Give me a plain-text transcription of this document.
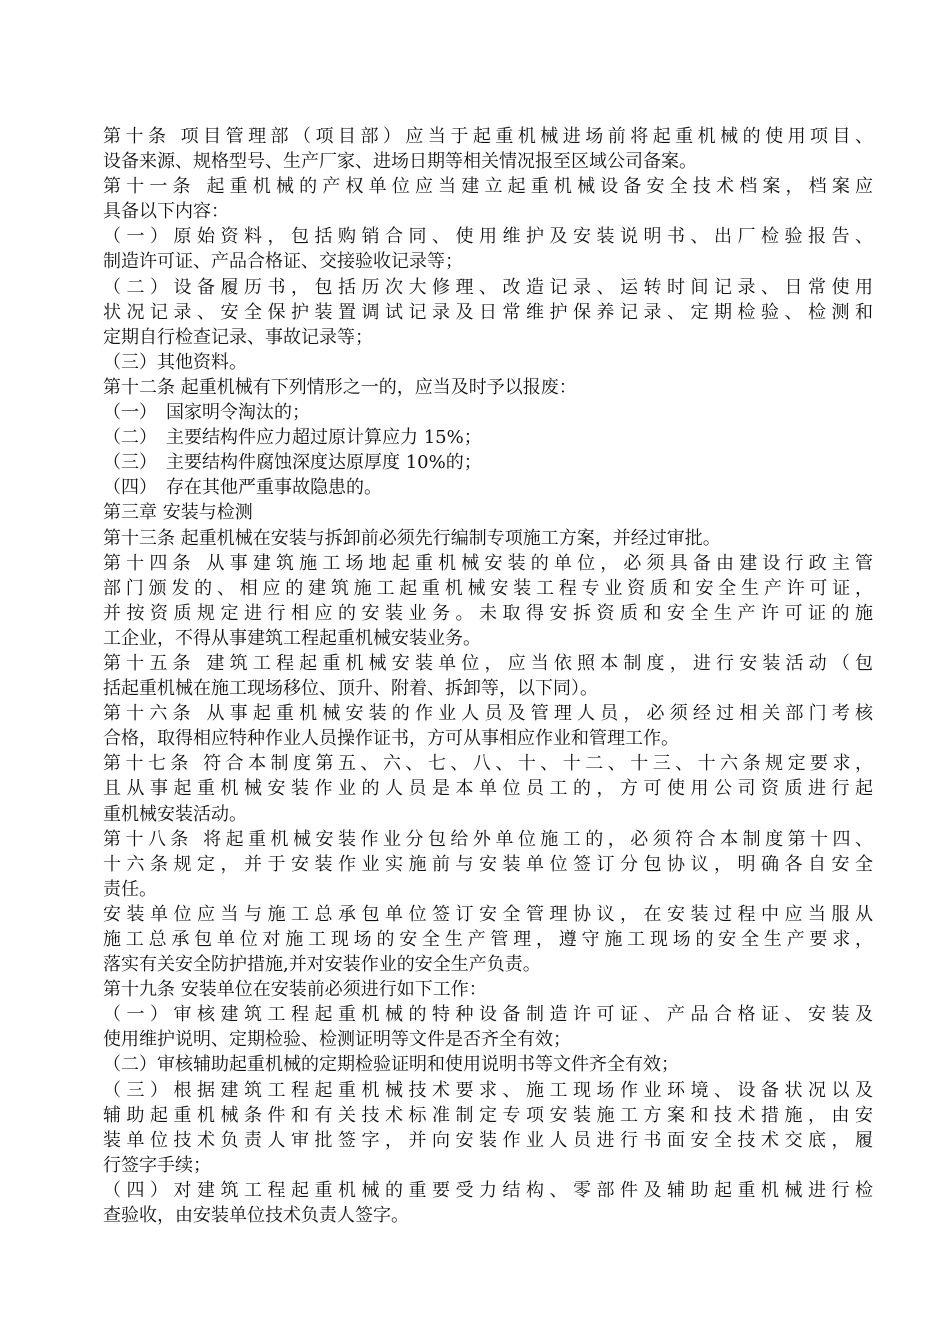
第十条 项目管理部（项目部）应当于起重机械进场前将起重机械的使用项目、
设备来源、规格型号、生产厂家、进场日期等相关情况报至区域公司备案。
第十一条 起重机械的产权单位应当建立起重机械设备安全技术档案，档案应
具备以下内容：
（一）原始资料，包括购销合同、使用维护及安装说明书、出厂检验报告、
制造许可证、产品合格证、交接验收记录等；
（二）设备履历书，包括历次大修理、改造记录、运转时间记录、日常使用
状况记录、安全保护装置调试记录及日常维护保养记录、定期检验、检测和
定期自行检查记录、事故记录等；
（三）其他资料。
第十二条 起重机械有下列情形之一的，应当及时予以报废：
（一）　国家明令淘汰的；
（二）　主要结构件应力超过原计算应力 15%；
（三）　主要结构件腐蚀深度达原厚度 10%的；
（四）　存在其他严重事故隐患的。
第三章 安装与检测
第十三条 起重机械在安装与拆卸前必须先行编制专项施工方案，并经过审批。
第十四条 从事建筑施工场地起重机械安装的单位，必须具备由建设行政主管
部门颁发的、相应的建筑施工起重机械安装工程专业资质和安全生产许可证，
并按资质规定进行相应的安装业务。未取得安拆资质和安全生产许可证的施
工企业，不得从事建筑工程起重机械安装业务。
第十五条 建筑工程起重机械安装单位，应当依照本制度，进行安装活动（包
括起重机械在施工现场移位、顶升、附着、拆卸等，以下同）。
第十六条 从事起重机械安装的作业人员及管理人员，必须经过相关部门考核
合格，取得相应特种作业人员操作证书，方可从事相应作业和管理工作。
第十七条 符合本制度第五、六、七、八、十、十二、十三、十六条规定要求，
且从事起重机械安装作业的人员是本单位员工的，方可使用公司资质进行起
重机械安装活动。
第十八条 将起重机械安装作业分包给外单位施工的，必须符合本制度第十四、
十六条规定，并于安装作业实施前与安装单位签订分包协议，明确各自安全
责任。
安装单位应当与施工总承包单位签订安全管理协议，在安装过程中应当服从
施工总承包单位对施工现场的安全生产管理，遵守施工现场的安全生产要求，
落实有关安全防护措施,并对安装作业的安全生产负责。
第十九条 安装单位在安装前必须进行如下工作：
（一）审核建筑工程起重机械的特种设备制造许可证、产品合格证、安装及
使用维护说明、定期检验、检测证明等文件是否齐全有效；
（二）审核辅助起重机械的定期检验证明和使用说明书等文件齐全有效；
（三）根据建筑工程起重机械技术要求、施工现场作业环境、设备状况以及
辅助起重机械条件和有关技术标准制定专项安装施工方案和技术措施，由安
装单位技术负责人审批签字，并向安装作业人员进行书面安全技术交底，履
行签字手续；
（四）对建筑工程起重机械的重要受力结构、零部件及辅助起重机械进行检
查验收，由安装单位技术负责人签字。
